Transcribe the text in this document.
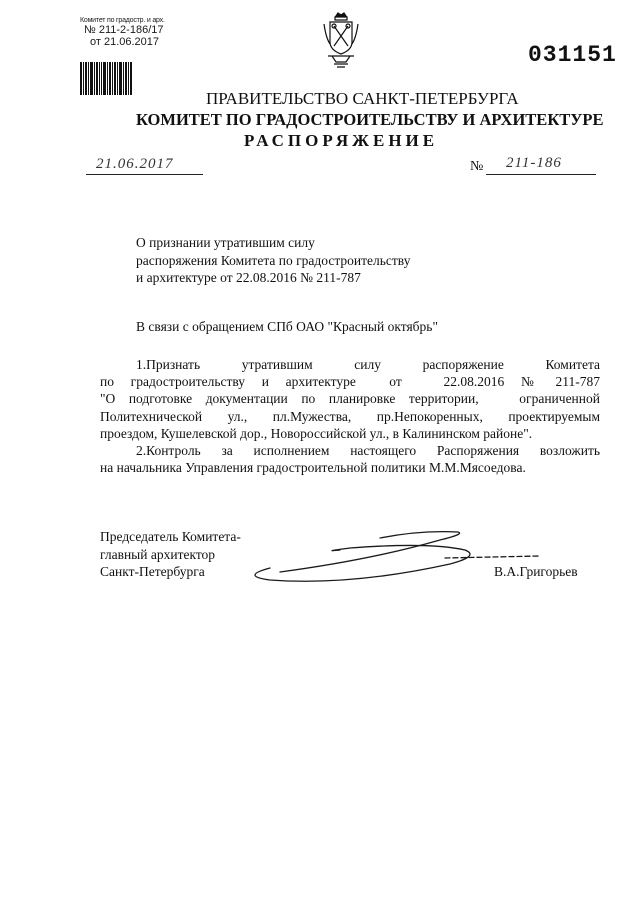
Комитет по градостр. и арх.
№ 211-2-186/17
от 21.06.2017	031151
ПРАВИТЕЛЬСТВО САНКТ-ПЕТЕРБУРГА
КОМИТЕТ ПО ГРАДОСТРОИТЕЛЬСТВУ И АРХИТЕКТУРЕ
РАСПОРЯЖЕНИЕ
21.06.2017	№ 211-186
О признании утратившим силу
распоряжения Комитета по градостроительству
и архитектуре от 22.08.2016 № 211-787
В связи с обращением СПб ОАО "Красный октябрь"
1.Признать    утратившим    силу    распоряжение    Комитета
по  градостроительству  и  архитектуре    от     22.08.2016  №  211-787
"О подготовке документации по планировке территории,   ограниченной
Политехнической  ул.,  пл.Мужества,  пр.Непокоренных,  проектируемым
проездом, Кушелевской дор., Новороссийской ул., в Калининском районе".
2.Контроль  за  исполнением  настоящего  Распоряжения  возложить
на начальника Управления градостроительной политики М.М.Мясоедова.
Председатель Комитета-
главный архитектор
Санкт-Петербурга	В.А.Григорьев
